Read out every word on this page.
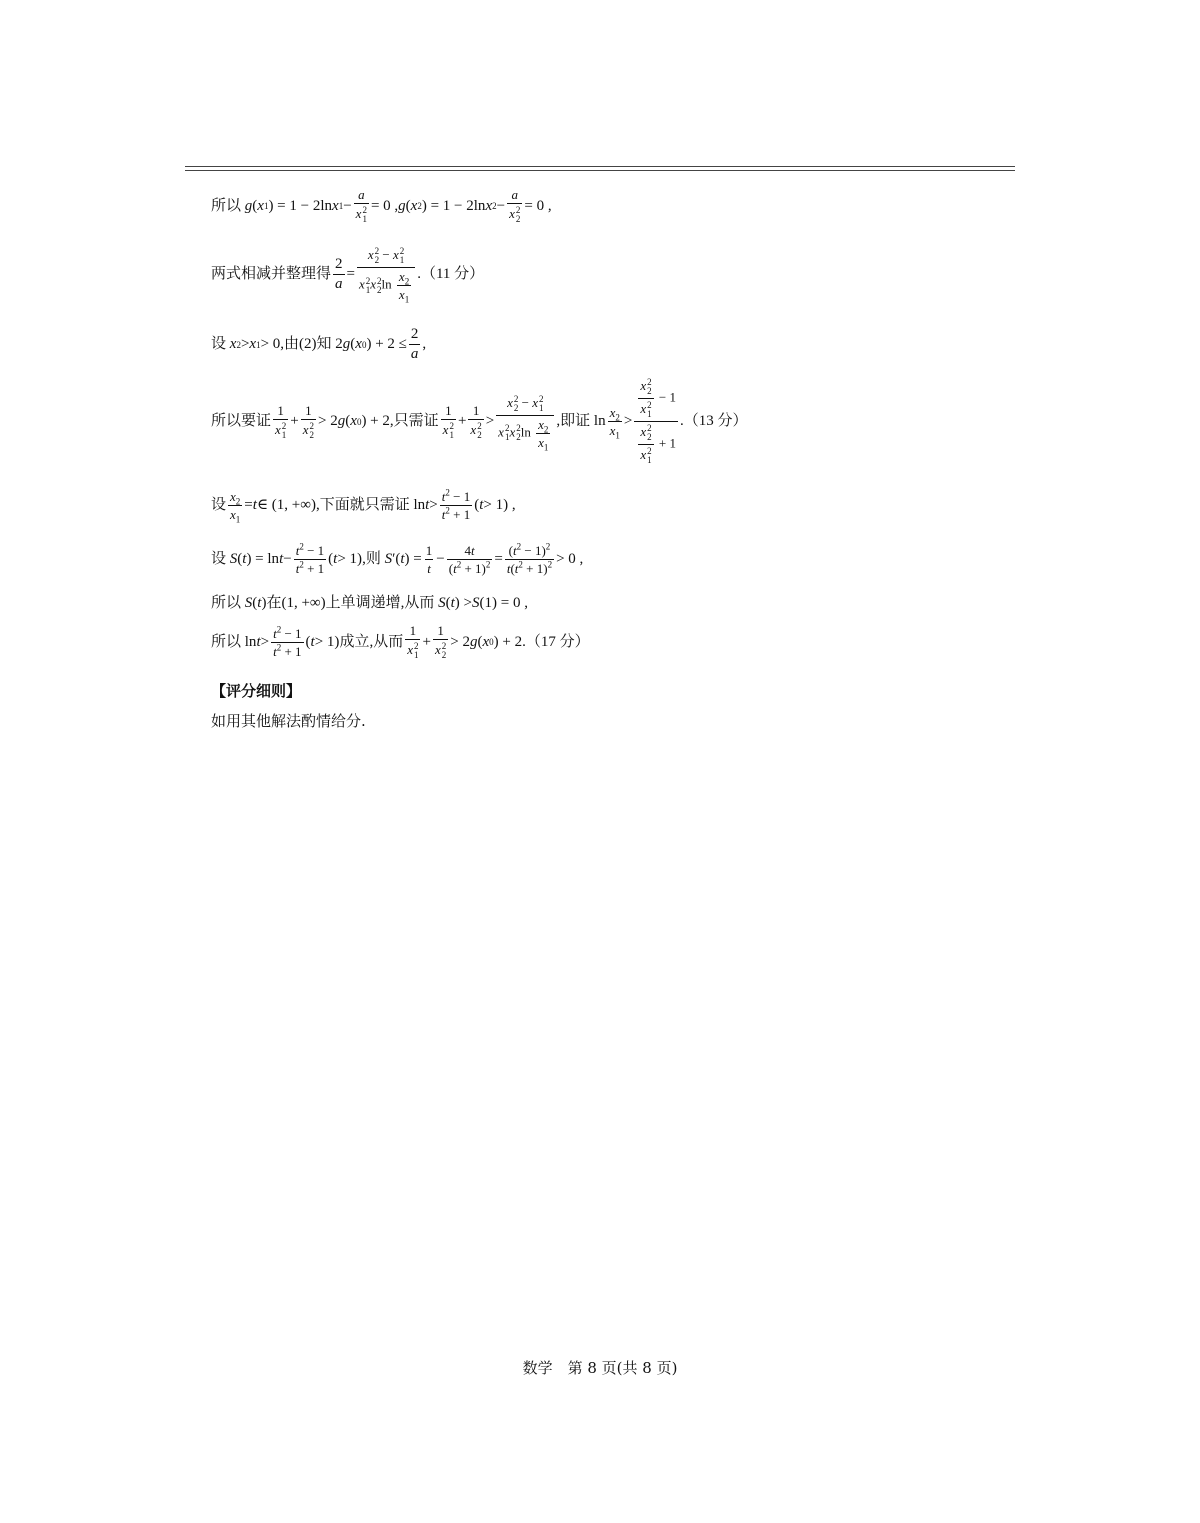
所以
g ( x 1 ) = 1 − 2ln x 1 − a
x 2
1 = 0 , g ( x 2 ) = 1 − 2ln x 2 − a
x 2
2 = 0 ,
两式相减并整理得 $\frac{2}{a} = x$ 2
2 − x 2
1
x 2
1 x 2
2 $\ln \frac{x_2}{x_1} .(11$ 分）
设
x 2 > x 1 > 0 ,由(2)知 2 g ( x 0 ) + $2 \le \frac{2}{a}$ ,
所以要证 1
x 2
1 + 1
x 2
2 > 2 g ( x 0 ) + 2 ,只需证 1
x 2
1 + 1
x 2
2 > x 2
2 − x 2
1
x 2
1 x 2
2 $\ln \frac{x_2}{x_1}$ ,即证 $\ln \frac{x_2}{x_1} > x$ 2
2
x 2
1 − 1
x 2
2
x 2
1 + 1 .（13 分）
设 $\frac{x_2}{x_1} = t$ ∈ (1, +∞) ,下面就只需证 $\ln t > \frac{t^2 - 1}{t^2 + 1}$ ( t > 1) ,
设
S ( t ) = $\ln t - \frac{t^2 - 1}{t^2 + 1}$ ( t > 1) ,则
S ′( t ) = $\frac{1}{t} - \frac{4t}{(t^2 + 1)^2} = \frac{(t^2 - 1)^2}{t(t^2 + 1)^2} > 0$ ,
所以
S ( t ) 在 (1, +∞) 上单调递增,从而
S ( t ) > S (1) = 0 ,
所以 $\ln t > \frac{t^2 - 1}{t^2 + 1}$ ( t > 1) 成立,从而 1
x 2
1 + 1
x 2
2 > 2 g ( x 0 ) + 2 .（17 分）
【评分细则】
如用其他解法酌情给分.
数学　第 8 页(共 8 页)
